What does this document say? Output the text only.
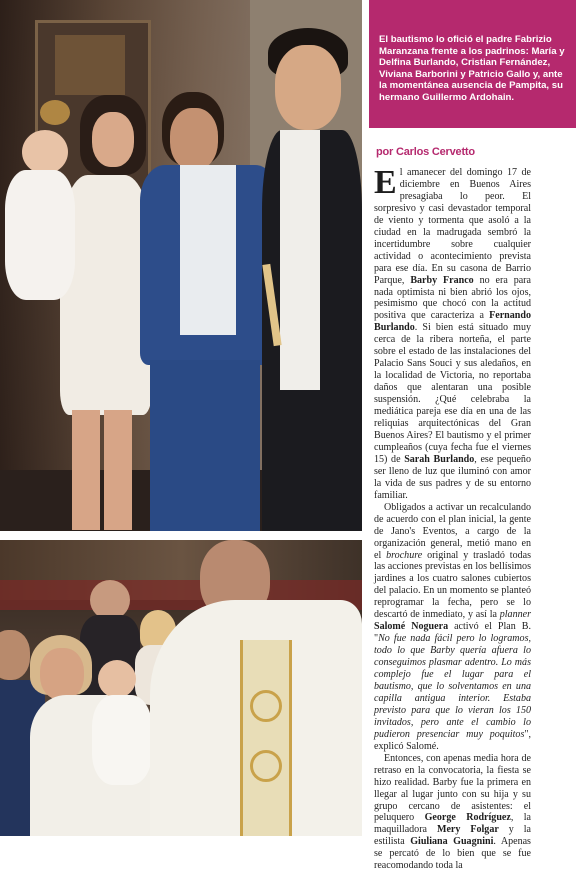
El bautismo lo ofició el padre Fabrizio Maranzana frente a los padrinos: María y Delfina Burlando, Cristian Fernández, Viviana Barborini y Patricio Gallo y, ante la momentánea ausencia de Pampita, su hermano Guillermo Ardohain.
por Carlos Cervetto

El amanecer del domingo 17 de diciembre en Buenos Aires presagiaba lo peor. El sorpresivo y casi devastador temporal de viento y tormenta que asoló a la ciudad en la madrugada sembró la incertidumbre sobre cualquier actividad o acontecimiento prevista para ese día. En su casona de Barrio Parque, Barby Franco no era para nada optimista ni bien abrió los ojos, pesimismo que chocó con la actitud positiva que caracteriza a Fernando Burlando. Si bien está situado muy cerca de la ribera norteña, el parte sobre el estado de las instalaciones del Palacio Sans Souci y sus aledaños, en la localidad de Victoria, no reportaba daños que alentaran una posible suspensión. ¿Qué celebraba la mediática pareja ese día en una de las reliquias arquitectónicas del Gran Buenos Aires? El bautismo y el primer cumpleaños (cuya fecha fue el viernes 15) de Sarah Burlando, ese pequeño ser lleno de luz que iluminó con amor la vida de sus padres y de su entorno familiar.

Obligados a activar un recalculando de acuerdo con el plan inicial, la gente de Jano's Eventos, a cargo de la organización general, metió mano en el brochure original y trasladó todas las acciones previstas en los bellísimos jardines a los cuatro salones cubiertos del palacio. En un momento se planteó reprogramar la fecha, pero se lo descartó de inmediato, y así la planner Salomé Noguera activó el Plan B. "No fue nada fácil pero lo logramos, todo lo que Barby quería afuera lo conseguimos plasmar adentro. Lo más complejo fue el lugar para el bautismo, que lo solventamos en una capilla antigua interior. Estaba previsto para que lo vieran los 150 invitados, pero ante el cambio lo pudieron presenciar muy poquitos", explicó Salomé.

Entonces, con apenas media hora de retraso en la convocatoria, la fiesta se hizo realidad. Barby fue la primera en llegar al lugar junto con su hija y su grupo cercano de asistentes: el peluquero George Rodríguez, la maquilladora Mery Folgar y la estilista Giuliana Guagnini. Apenas se percató de lo bien que se fue reacomodando toda la
